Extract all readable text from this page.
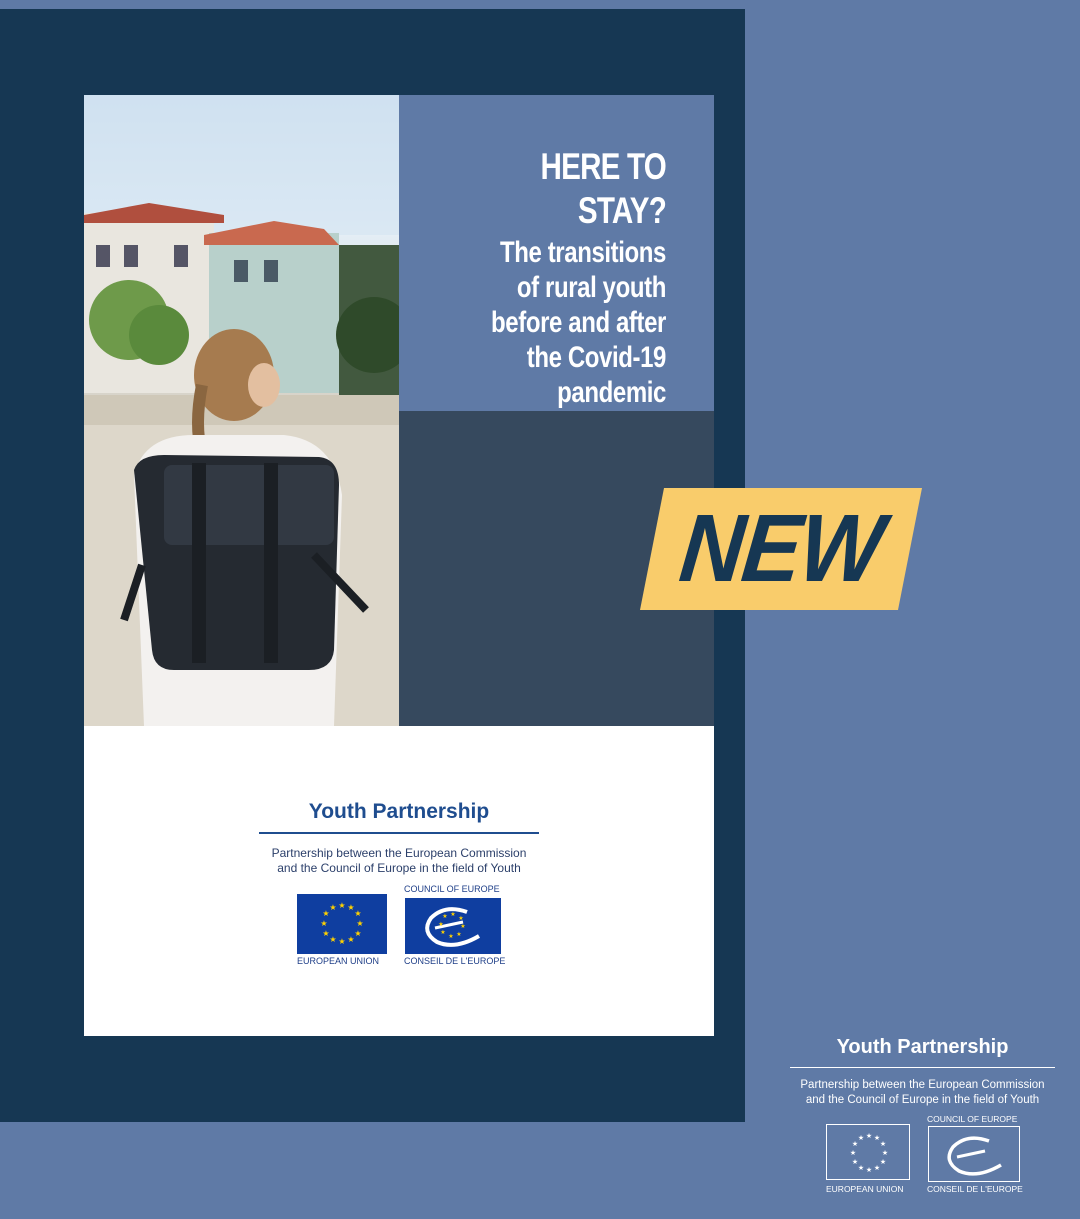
HERE TO STAY?
The transitions
of rural youth
before and after
the Covid-19
pandemic
Youth Partnership
Partnership between the European Commission
and the Council of Europe in the field of Youth
★ ★
★
★
★
★
★
★
★
★
★
★
EUROPEAN UNION
COUNCIL OF EUROPE
★
★
★
★
★
★
★
★
CONSEIL DE L'EUROPE
NEW
Youth Partnership
Partnership between the European Commission
and the Council of Europe in the field of Youth
★ ★
★
★
★
★
★
★
★
★
★
★
EUROPEAN UNION
COUNCIL OF EUROPE
CONSEIL DE L'EUROPE
